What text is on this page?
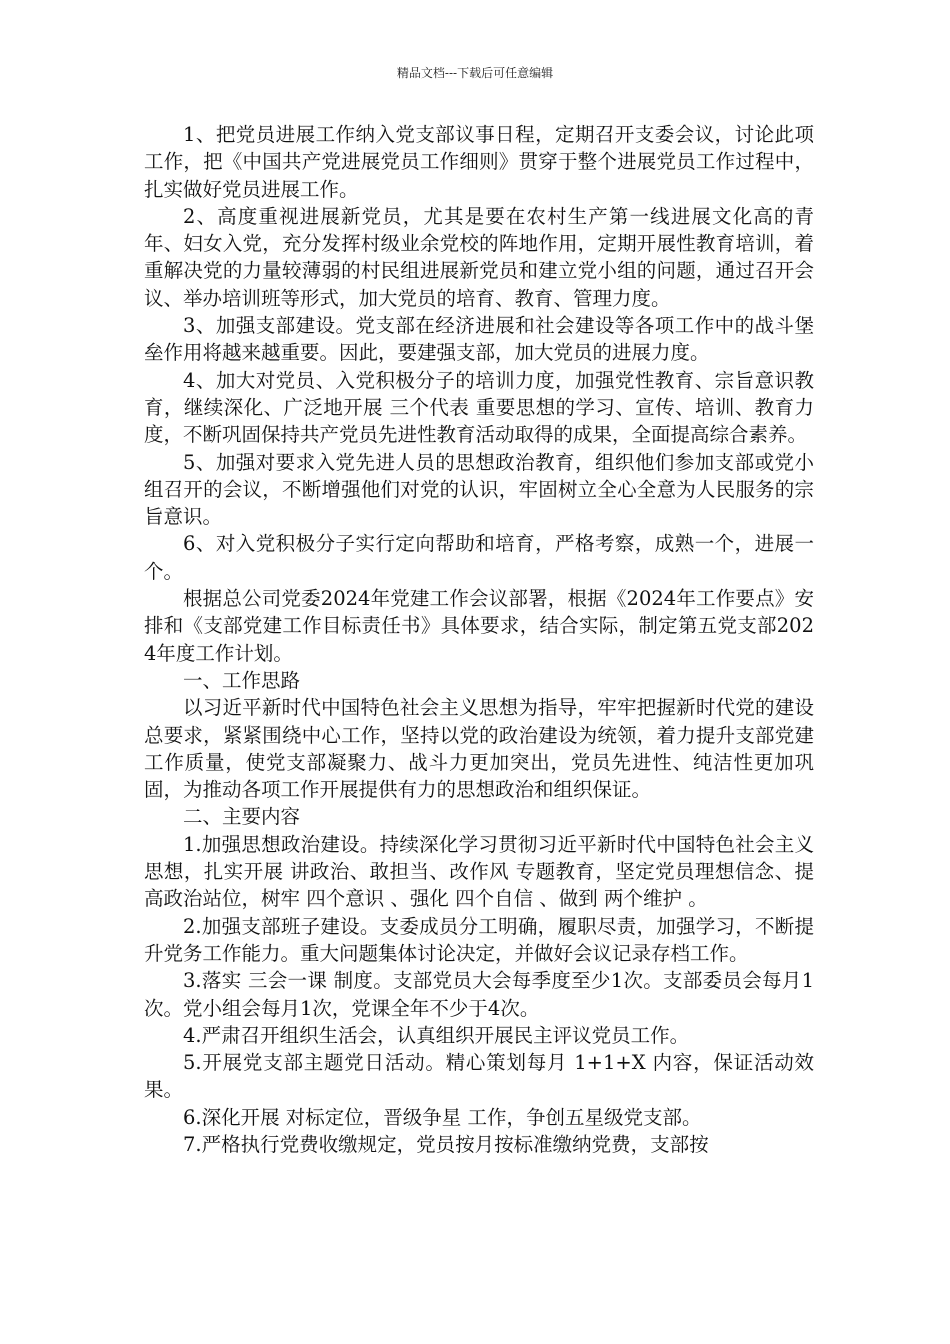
精品文档---下载后可任意编辑

1、把党员进展工作纳入党支部议事日程，定期召开支委会议，讨论此项工作，把《中国共产党进展党员工作细则》贯穿于整个进展党员工作过程中，扎实做好党员进展工作。

2、高度重视进展新党员，尤其是要在农村生产第一线进展文化高的青年、妇女入党，充分发挥村级业余党校的阵地作用，定期开展性教育培训，着重解决党的力量较薄弱的村民组进展新党员和建立党小组的问题，通过召开会议、举办培训班等形式，加大党员的培育、教育、管理力度。

3、加强支部建设。党支部在经济进展和社会建设等各项工作中的战斗堡垒作用将越来越重要。因此，要建强支部，加大党员的进展力度。

4、加大对党员、入党积极分子的培训力度，加强党性教育、宗旨意识教育，继续深化、广泛地开展 三个代表 重要思想的学习、宣传、培训、教育力度，不断巩固保持共产党员先进性教育活动取得的成果，全面提高综合素养。

5、加强对要求入党先进人员的思想政治教育，组织他们参加支部或党小组召开的会议，不断增强他们对党的认识，牢固树立全心全意为人民服务的宗旨意识。

6、对入党积极分子实行定向帮助和培育，严格考察，成熟一个，进展一个。

根据总公司党委2024年党建工作会议部署，根据《2024年工作要点》安排和《支部党建工作目标责任书》具体要求，结合实际，制定第五党支部2024年度工作计划。

一、工作思路

以习近平新时代中国特色社会主义思想为指导，牢牢把握新时代党的建设总要求，紧紧围绕中心工作，坚持以党的政治建设为统领，着力提升支部党建工作质量，使党支部凝聚力、战斗力更加突出，党员先进性、纯洁性更加巩固，为推动各项工作开展提供有力的思想政治和组织保证。

二、主要内容

1.加强思想政治建设。持续深化学习贯彻习近平新时代中国特色社会主义思想，扎实开展 讲政治、敢担当、改作风 专题教育，坚定党员理想信念、提高政治站位，树牢 四个意识 、强化 四个自信 、做到 两个维护 。

2.加强支部班子建设。支委成员分工明确，履职尽责，加强学习，不断提升党务工作能力。重大问题集体讨论决定，并做好会议记录存档工作。

3.落实 三会一课 制度。支部党员大会每季度至少1次。支部委员会每月1次。党小组会每月1次，党课全年不少于4次。

4.严肃召开组织生活会，认真组织开展民主评议党员工作。

5.开展党支部主题党日活动。精心策划每月 1+1+X 内容，保证活动效果。

6.深化开展 对标定位，晋级争星 工作，争创五星级党支部。

7.严格执行党费收缴规定，党员按月按标准缴纳党费，支部按
